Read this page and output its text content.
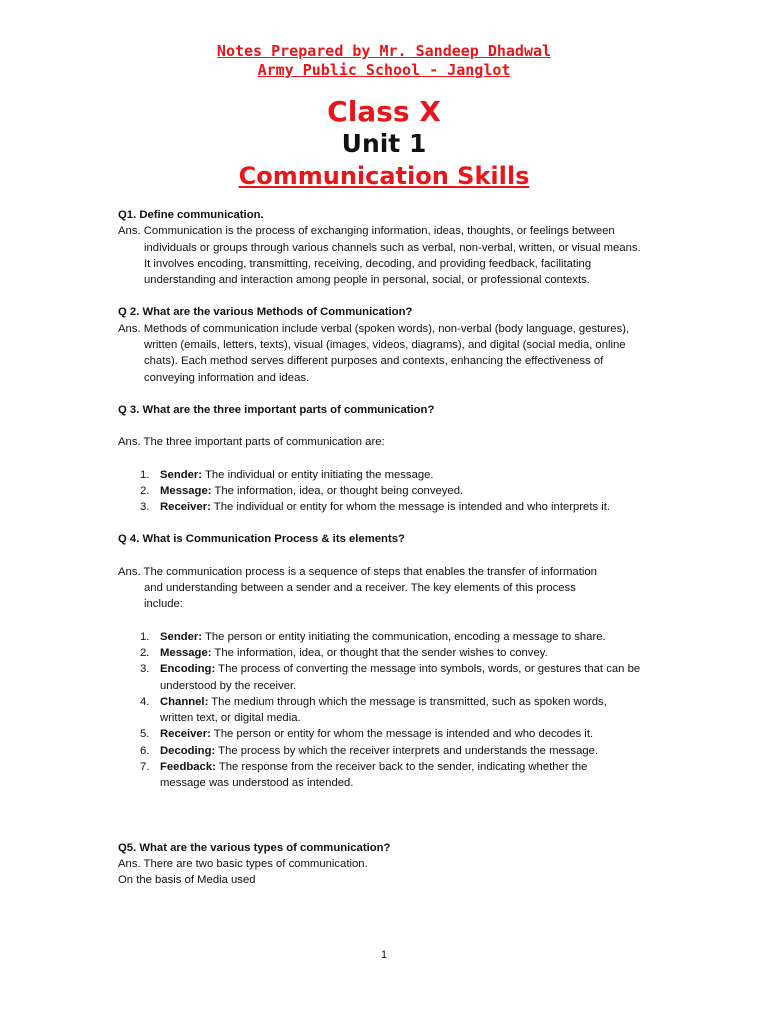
Notes Prepared by Mr. Sandeep Dhadwal
Army Public School - Janglot
Class X
Unit 1
Communication Skills

Q1. Define communication.

Ans. Communication is the process of exchanging information, ideas, thoughts, or feelings between individuals or groups through various channels such as verbal, non-verbal, written, or visual means. It involves encoding, transmitting, receiving, decoding, and providing feedback, facilitating understanding and interaction among people in personal, social, or professional contexts.

Q 2. What are the various Methods of Communication?

Ans. Methods of communication include verbal (spoken words), non-verbal (body language, gestures), written (emails, letters, texts), visual (images, videos, diagrams), and digital (social media, online chats). Each method serves different purposes and contexts, enhancing the effectiveness of conveying information and ideas.

Q 3. What are the three important parts of communication?

Ans. The three important parts of communication are:

1. Sender: The individual or entity initiating the message.
2. Message: The information, idea, or thought being conveyed.
3. Receiver: The individual or entity for whom the message is intended and who interprets it.

Q 4. What is Communication Process & its elements?

Ans. The communication process is a sequence of steps that enables the transfer of information and understanding between a sender and a receiver. The key elements of this process include:

1. Sender: The person or entity initiating the communication, encoding a message to share.
2. Message: The information, idea, or thought that the sender wishes to convey.
3. Encoding: The process of converting the message into symbols, words, or gestures that can be understood by the receiver.
4. Channel: The medium through which the message is transmitted, such as spoken words, written text, or digital media.
5. Receiver: The person or entity for whom the message is intended and who decodes it.
6. Decoding: The process by which the receiver interprets and understands the message.
7. Feedback: The response from the receiver back to the sender, indicating whether the message was understood as intended.

Q5. What are the various types of communication?

Ans. There are two basic types of communication.

On the basis of Media used

1
